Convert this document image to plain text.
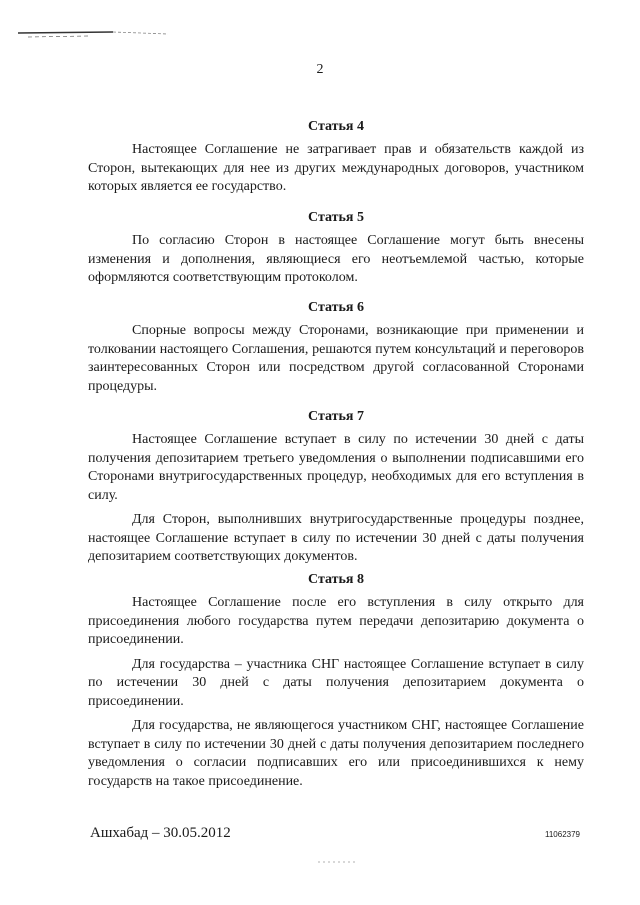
2
Статья 4

Настоящее Соглашение не затрагивает прав и обязательств каждой из Сторон, вытекающих для нее из других международных договоров, участником которых является ее государство.

Статья 5

По согласию Сторон в настоящее Соглашение могут быть внесены изменения и дополнения, являющиеся его неотъемлемой частью, которые оформляются соответствующим протоколом.

Статья 6

Спорные вопросы между Сторонами, возникающие при применении и толковании настоящего Соглашения, решаются путем консультаций и переговоров заинтересованных Сторон или посредством другой согласованной Сторонами процедуры.

Статья 7

Настоящее Соглашение вступает в силу по истечении 30 дней с даты получения депозитарием третьего уведомления о выполнении подписавшими его Сторонами внутригосударственных процедур, необходимых для его вступления в силу.

Для Сторон, выполнивших внутригосударственные процедуры позднее, настоящее Соглашение вступает в силу по истечении 30 дней с даты получения депозитарием соответствующих документов.

Статья 8

Настоящее Соглашение после его вступления в силу открыто для присоединения любого государства путем передачи депозитарию документа о присоединении.

Для государства – участника СНГ настоящее Соглашение вступает в силу по истечении 30 дней с даты получения депозитарием документа о присоединении.

Для государства, не являющегося участником СНГ, настоящее Соглашение вступает в силу по истечении 30 дней с даты получения депозитарием последнего уведомления о согласии подписавших его или присоединившихся к нему государств на такое присоединение.

Ашхабад – 30.05.2012	11062379
